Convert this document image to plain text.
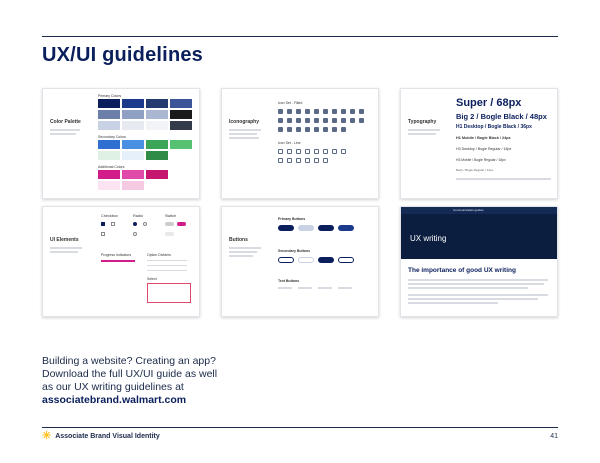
UX/UI guidelines
Color Palette
Primary Colors
Secondary Colors
Additional Colors
Iconography
Icon Set - Filled
Icon Set - Line
Typography
Super / 68px
Big 2 / Bogle Black / 48px
H1 Desktop / Bogle Black / 36px
H1 Mobile / Bogle Black / 24px
H3 Desktop / Bogle Regular / 18px
H3 Mobile / Bogle Regular / 16px
Body / Bogle Regular / 14px
UI Elements
Checkbox	Radio	Switch
Progress Indicators	Option Dividers
Select
Buttons
Primary Buttons
Secondary Buttons
Text Buttons
Communication guides
UX writing
The importance of good UX writing
Building a website? Creating an app?
Download the full UX/UI guide as well
as our UX writing guidelines at
associatebrand.walmart.com
✳ Associate Brand Visual Identity	41
